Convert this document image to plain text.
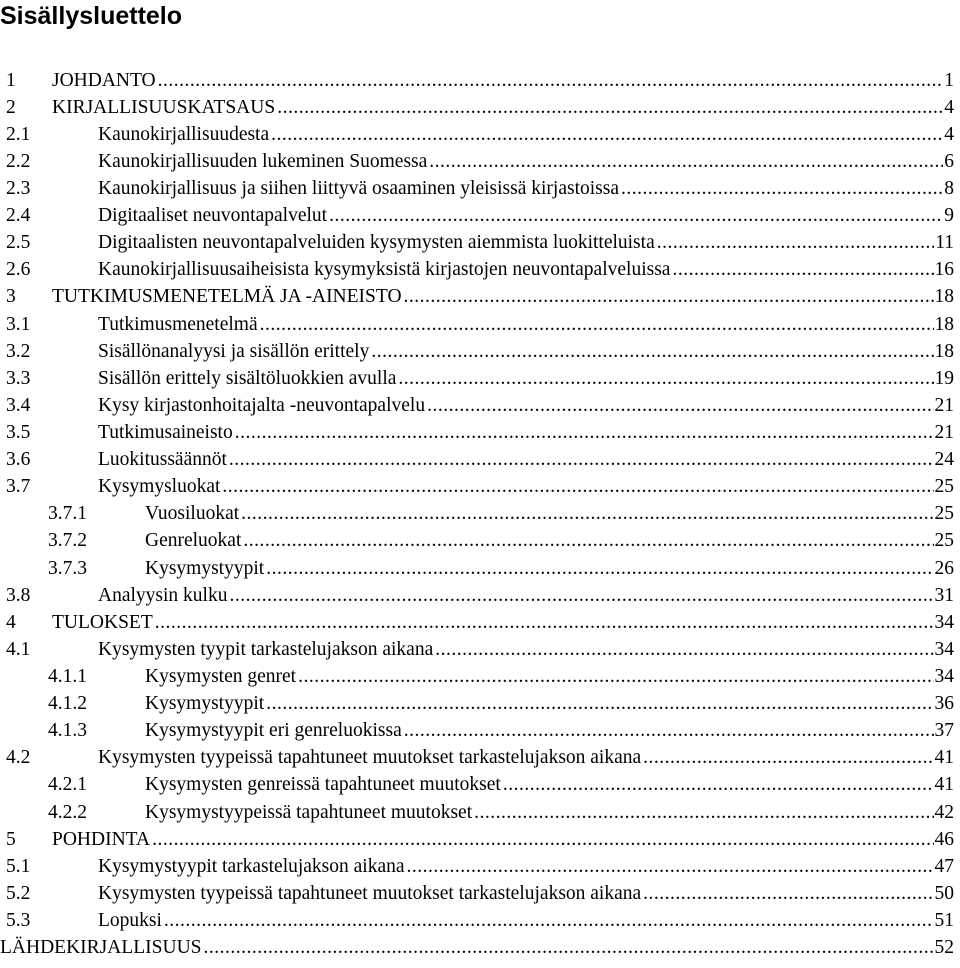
Sisällysluettelo
1 JOHDANTO .....	1
2 KIRJALLISUUSKATSAUS .....	4
2.1	Kaunokirjallisuudesta .....	4
2.2	Kaunokirjallisuuden lukeminen Suomessa .....	6
2.3	Kaunokirjallisuus ja siihen liittyvä osaaminen yleisissä kirjastoissa .....	8
2.4	Digitaaliset neuvontapalvelut .....	9
2.5	Digitaalisten neuvontapalveluiden kysymysten aiemmista luokitteluista .....	11
2.6	Kaunokirjallisuusaiheisista kysymyksistä kirjastojen neuvontapalveluissa .....	16
3 TUTKIMUSMENETELMÄ JA -AINEISTO .....	18
3.1	Tutkimusmenetelmä .....	18
3.2	Sisällönanalyysi ja sisällön erittely .....	18
3.3	Sisällön erittely sisältöluokkien avulla .....	19
3.4	Kysy kirjastonhoitajalta -neuvontapalvelu .....	21
3.5	Tutkimusaineisto .....	21
3.6	Luokitussäännöt .....	24
3.7	Kysymysluokat .....	25
3.7.1	Vuosiluokat .....	25
3.7.2	Genreluokat .....	25
3.7.3	Kysymystyypit .....	26
3.8	Analyysin kulku .....	31
4 TULOKSET .....	34
4.1	Kysymysten tyypit tarkastelujakson aikana .....	34
4.1.1	Kysymysten genret .....	34
4.1.2	Kysymystyypit .....	36
4.1.3	Kysymystyypit eri genreluokissa .....	37
4.2	Kysymysten tyypeissä tapahtuneet muutokset tarkastelujakson aikana .....	41
4.2.1	Kysymysten genreissä tapahtuneet muutokset .....	41
4.2.2	Kysymystyypeissä tapahtuneet muutokset .....	42
5 POHDINTA .....	46
5.1	Kysymystyypit tarkastelujakson aikana .....	47
5.2	Kysymysten tyypeissä tapahtuneet muutokset tarkastelujakson aikana .....	50
5.3	Lopuksi .....	51
LÄHDEKIRJALLISUUS .....	52
